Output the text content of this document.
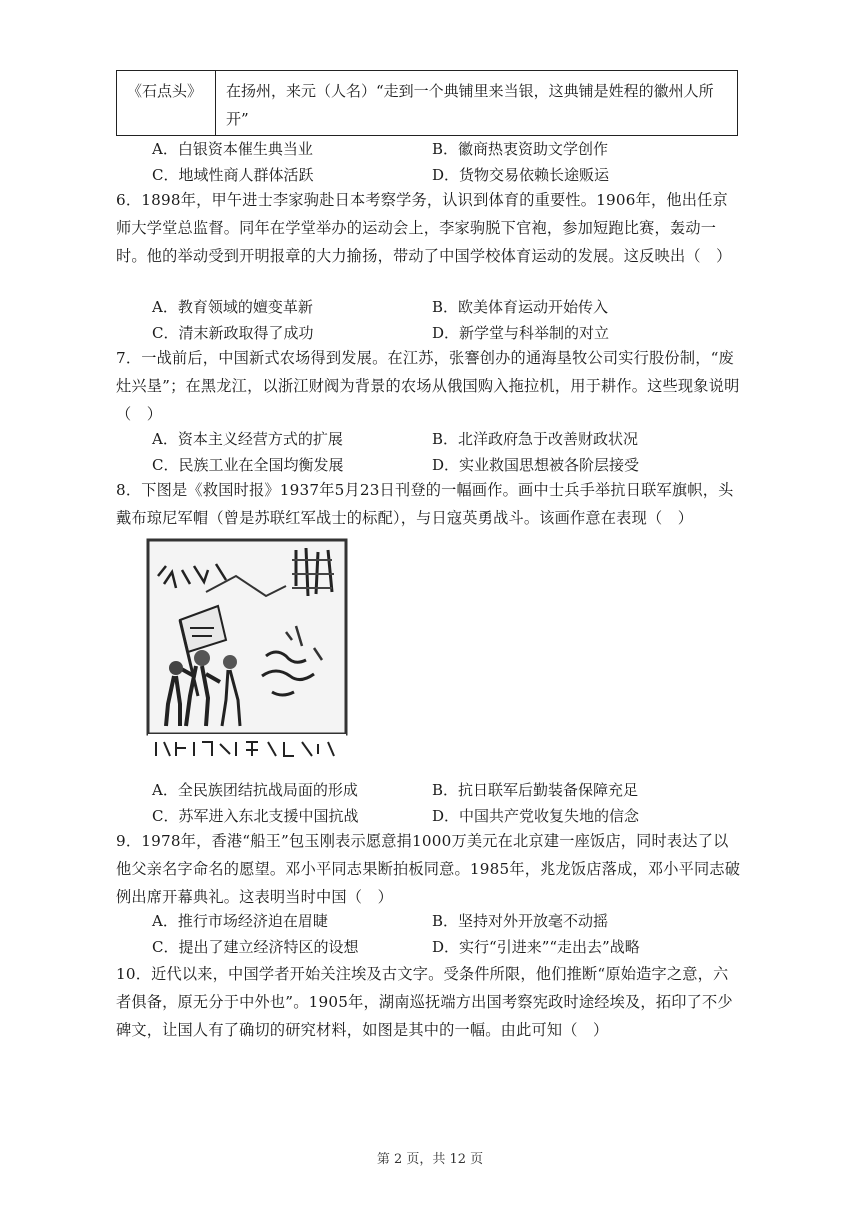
《石点头》	在扬州，来元（人名）“走到一个典铺里来当银，这典铺是姓程的徽州人所开”
A．白银资本催生典当业	B．徽商热衷资助文学创作
C．地域性商人群体活跃	D．货物交易依赖长途贩运

6．1898年，甲午进士李家驹赴日本考察学务，认识到体育的重要性。1906年，他出任京师大学堂总监督。同年在学堂举办的运动会上，李家驹脱下官袍，参加短跑比赛，轰动一时。他的举动受到开明报章的大力揄扬，带动了中国学校体育运动的发展。这反映出（　）

A．教育领域的嬗变革新	B．欧美体育运动开始传入
C．清末新政取得了成功	D．新学堂与科举制的对立

7．一战前后，中国新式农场得到发展。在江苏，张謇创办的通海垦牧公司实行股份制，“废灶兴垦”；在黑龙江，以浙江财阀为背景的农场从俄国购入拖拉机，用于耕作。这些现象说明（　）

A．资本主义经营方式的扩展	B．北洋政府急于改善财政状况
C．民族工业在全国均衡发展	D．实业救国思想被各阶层接受

8．下图是《救国时报》1937年5月23日刊登的一幅画作。画中士兵手举抗日联军旗帜，头戴布琼尼军帽（曾是苏联红军战士的标配），与日寇英勇战斗。该画作意在表现（　）

A．全民族团结抗战局面的形成	B．抗日联军后勤装备保障充足
C．苏军进入东北支援中国抗战	D．中国共产党收复失地的信念

9．1978年，香港“船王”包玉刚表示愿意捐1000万美元在北京建一座饭店，同时表达了以他父亲名字命名的愿望。邓小平同志果断拍板同意。1985年，兆龙饭店落成，邓小平同志破例出席开幕典礼。这表明当时中国（　）

A．推行市场经济迫在眉睫	B．坚持对外开放毫不动摇
C．提出了建立经济特区的设想	D．实行“引进来”“走出去”战略

10．近代以来，中国学者开始关注埃及古文字。受条件所限，他们推断“原始造字之意，六者俱备，原无分于中外也”。1905年，湖南巡抚端方出国考察宪政时途经埃及，拓印了不少碑文，让国人有了确切的研究材料，如图是其中的一幅。由此可知（　）

第 2 页，共 12 页
